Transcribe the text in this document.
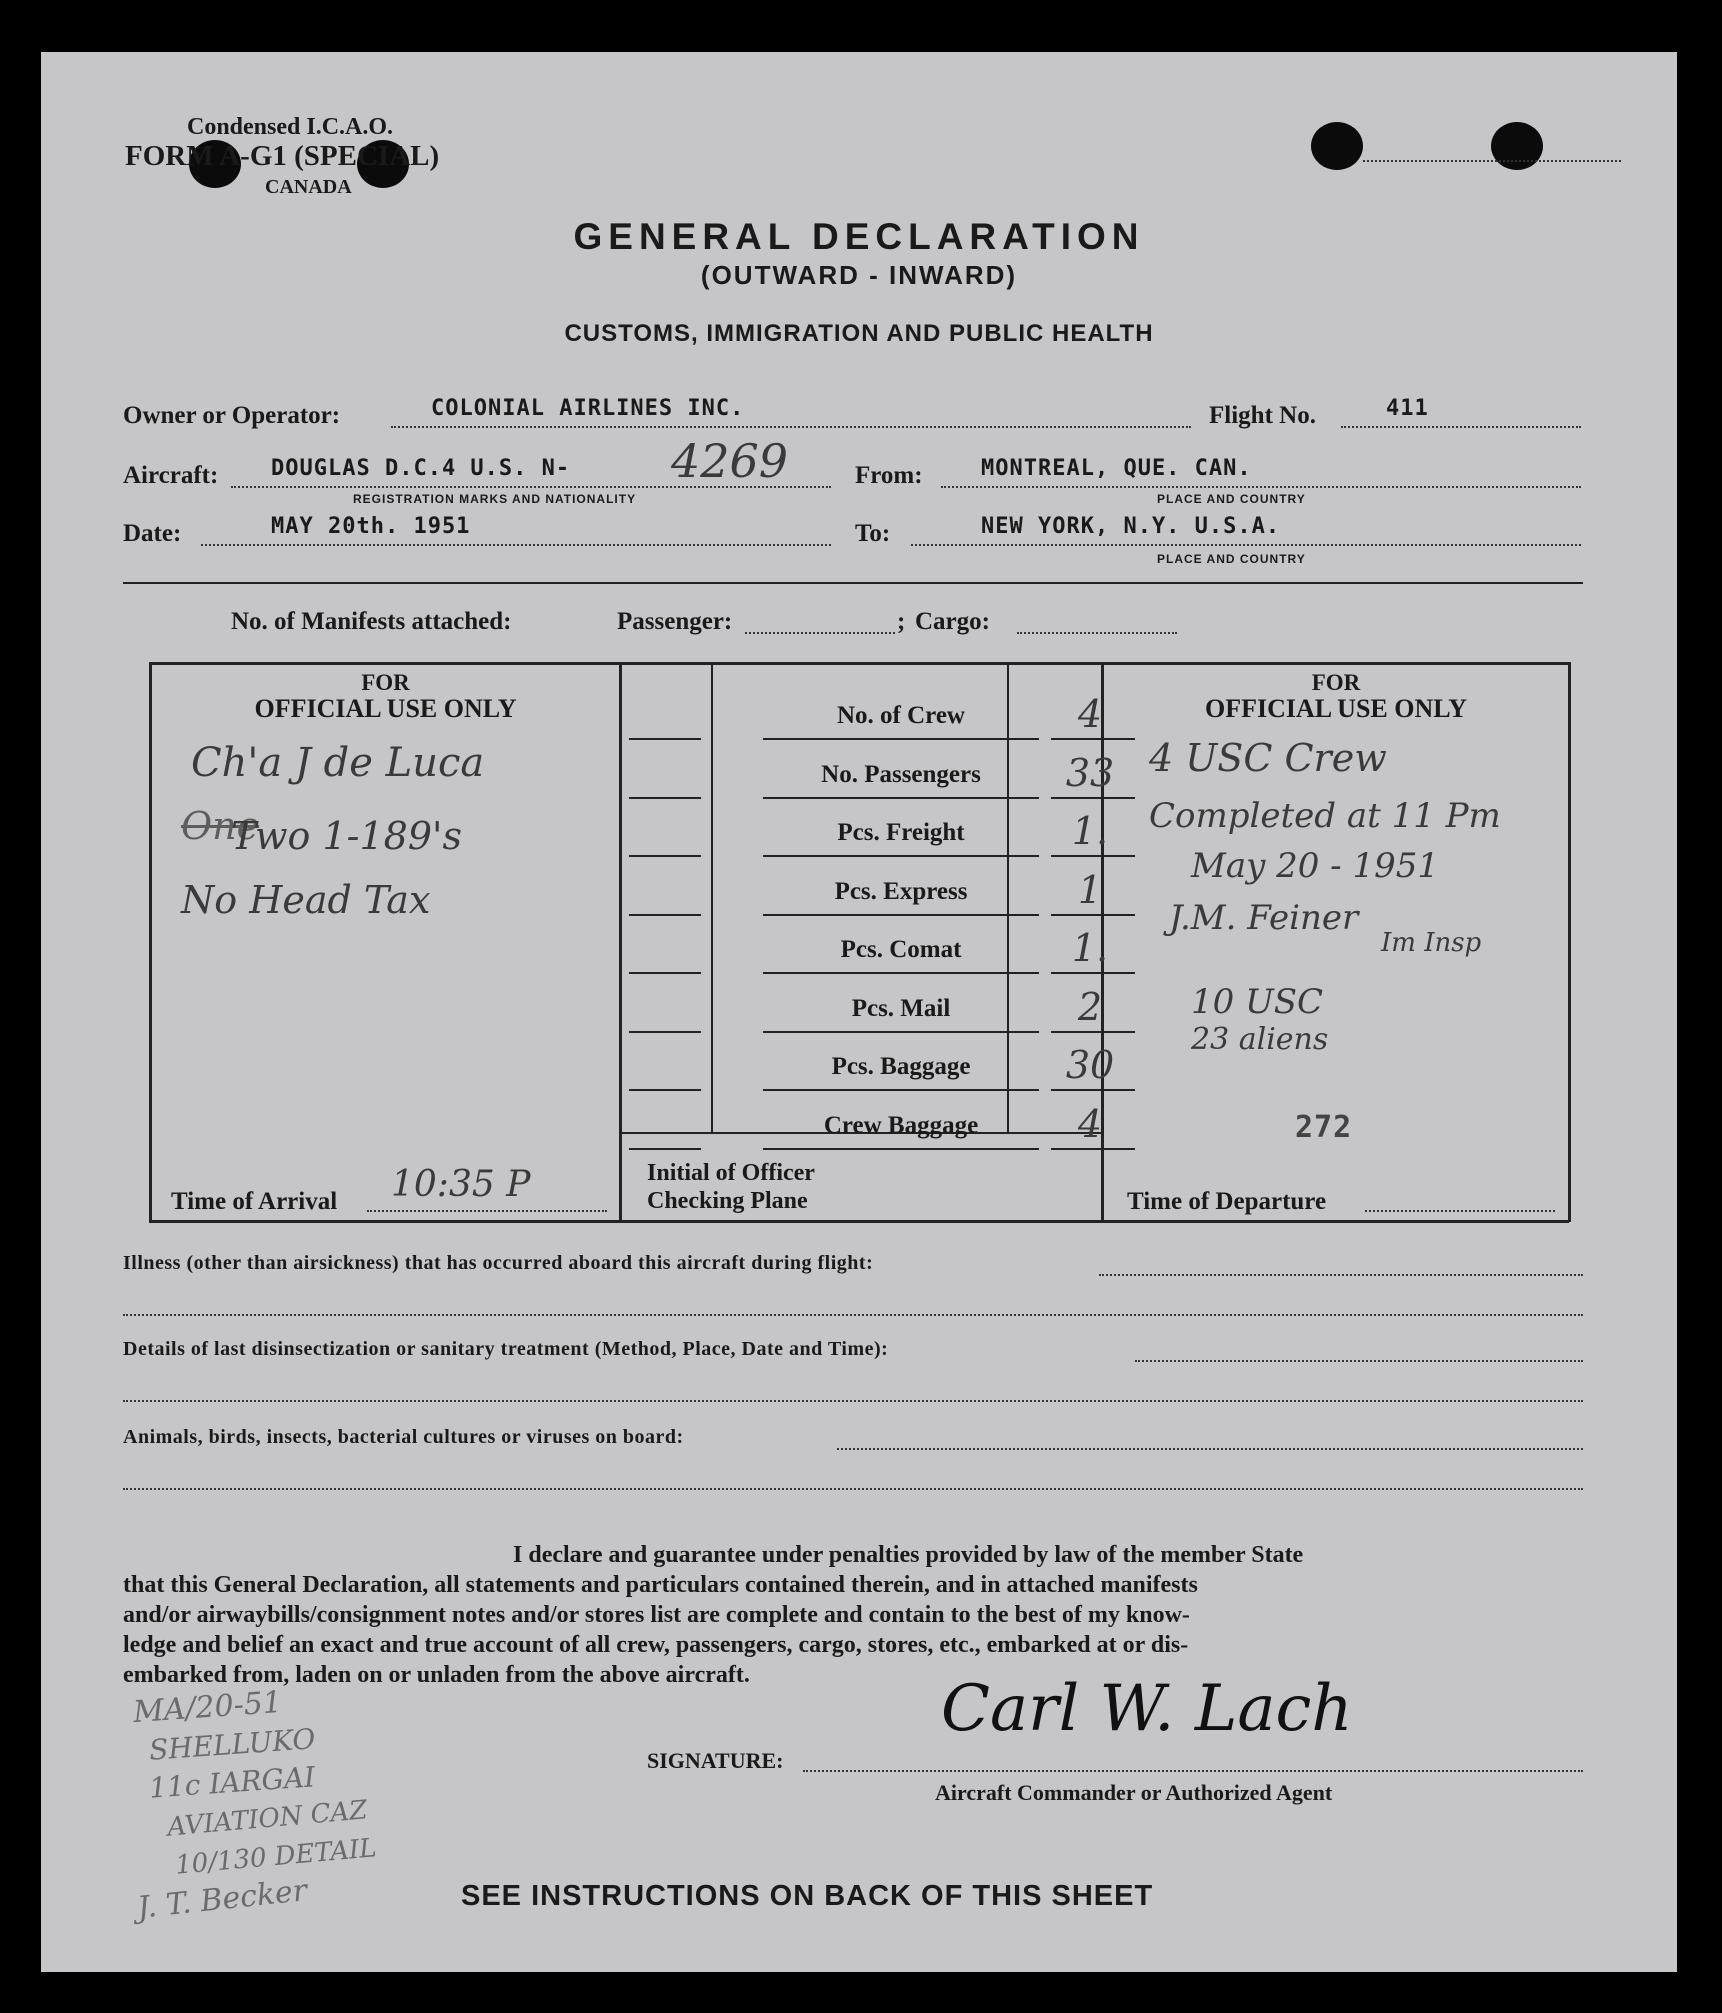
Condensed I.C.A.O.
FORM A-G1 (SPECIAL)
CANADA
GENERAL DECLARATION
(OUTWARD - INWARD)
CUSTOMS, IMMIGRATION AND PUBLIC HEALTH
Owner or Operator:	COLONIAL AIRLINES INC.	Flight No.	411
Aircraft: DOUGLAS D.C.4 U.S. N- 4269
REGISTRATION MARKS AND NATIONALITY
From:	MONTREAL, QUE. CAN.
PLACE AND COUNTRY
Date:	MAY 20th. 1951	To:	NEW YORK, N.Y. U.S.A.
PLACE AND COUNTRY
No. of Manifests attached:	Passenger:	; Cargo:
FOR
OFFICIAL USE ONLY
FOR
OFFICIAL USE ONLY
No. of Crew	4
No. Passengers	33
Pcs. Freight	1.
Pcs. Express	1
Pcs. Comat	1.
Pcs. Mail	2
Pcs. Baggage	30
Crew Baggage	4
Initial of Officer
Checking Plane
Time of Arrival 10:35 P	Time of Departure
272
Ch'a J de Luca
One
Two 1-189's
No Head Tax
4 USC Crew
Completed at 11 Pm
May 20 - 1951
J.M. Feiner
Im Insp
10 USC
23 aliens
Illness (other than airsickness) that has occurred aboard this aircraft during flight:
Details of last disinsectization or sanitary treatment (Method, Place, Date and Time):
Animals, birds, insects, bacterial cultures or viruses on board:
I declare and guarantee under penalties provided by law of the member State
that this General Declaration, all statements and particulars contained therein, and in attached manifests
and/or airwaybills/consignment notes and/or stores list are complete and contain to the best of my know-
ledge and belief an exact and true account of all crew, passengers, cargo, stores, etc., embarked at or dis-
embarked from, laden on or unladen from the above aircraft.
SIGNATURE:
Carl W. Lach
Aircraft Commander or Authorized Agent
MA/20-51
SHELLUKO
11c IARGAI
AVIATION CAZ
10/130 DETAIL
J. T. Becker	SEE INSTRUCTIONS ON BACK OF THIS SHEET
